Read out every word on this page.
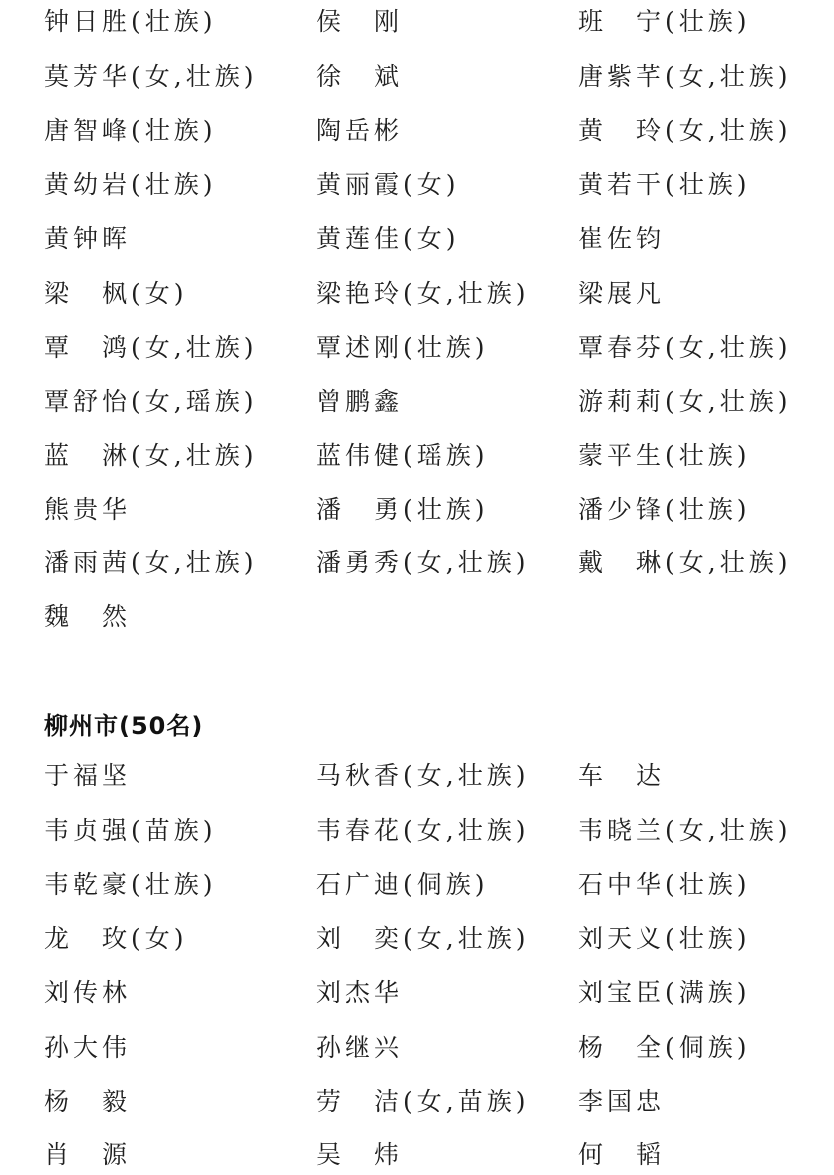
钟日胜(壮族)	侯　刚	班　宁(壮族)
莫芳华(女,壮族) 徐　斌	唐紫芊(女,壮族)
唐智峰(壮族)	陶岳彬	黄　玲(女,壮族)
黄幼岩(壮族)	黄丽霞(女)	黄若干(壮族)
黄钟晖	黄莲佳(女)	崔佐钧
梁　枫(女)	梁艳玲(女,壮族) 梁展凡
覃　鸿(女,壮族) 覃述刚(壮族)	覃春芬(女,壮族)
覃舒怡(女,瑶族) 曾鹏鑫	游莉莉(女,壮族)
蓝　淋(女,壮族) 蓝伟健(瑶族)	蒙平生(壮族)
熊贵华	潘　勇(壮族)	潘少锋(壮族)
潘雨茜(女,壮族) 潘勇秀(女,壮族) 戴　琳(女,壮族)
魏　然
柳州市(50名)
于福坚	马秋香(女,壮族) 车　达
韦贞强(苗族)	韦春花(女,壮族) 韦晓兰(女,壮族)
韦乾豪(壮族)	石广迪(侗族)	石中华(壮族)
龙　玫(女)	刘　奕(女,壮族) 刘天义(壮族)
刘传林	刘杰华	刘宝臣(满族)
孙大伟	孙继兴	杨　全(侗族)
杨　毅	劳　洁(女,苗族) 李国忠
肖　源	吴　炜	何　韬
